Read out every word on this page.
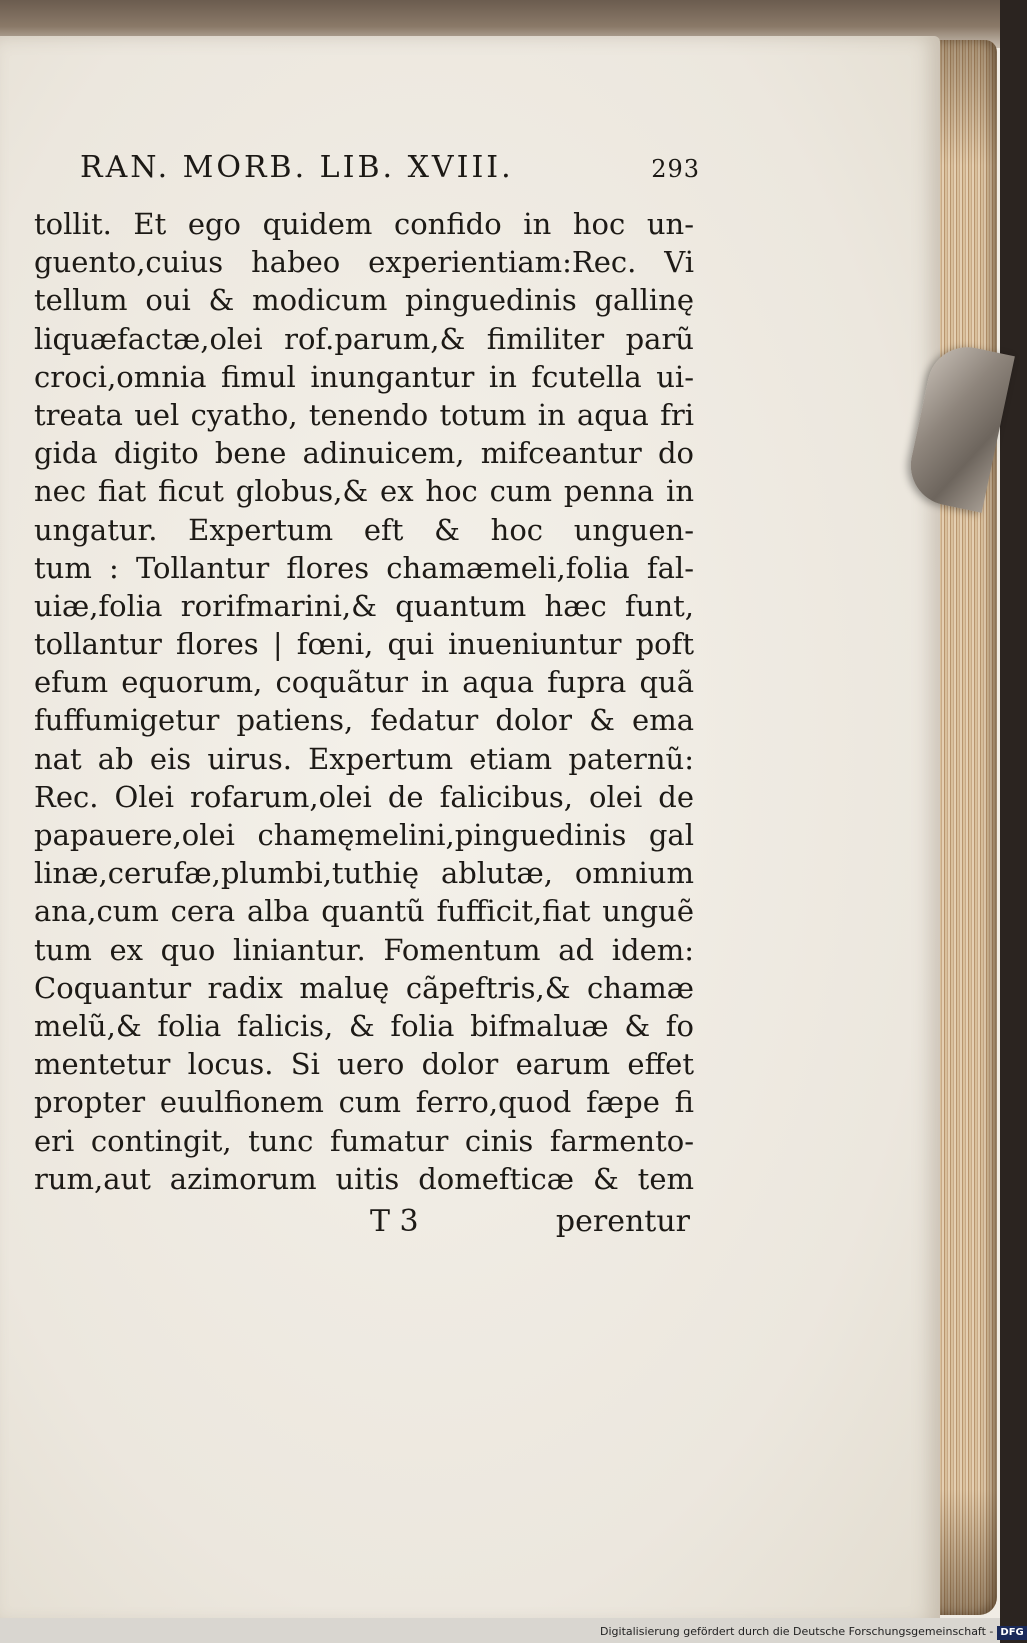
RAN. MORB. LIB. XVIII.	293
tollit. Et ego quidem confido in hoc un-
guento,cuius habeo experientiam:Rec. Vi
tellum oui & modicum pinguedinis gallinę
liquæfactæ,olei rof.parum,& fimiliter parũ
croci,omnia fimul inungantur in fcutella ui-
treata uel cyatho, tenendo totum in aqua fri
gida digito bene adinuicem, mifceantur do
nec fiat ficut globus,& ex hoc cum penna in
ungatur. Expertum eft & hoc unguen-
tum : Tollantur flores chamæmeli,folia fal-
uiæ,folia rorifmarini,& quantum hæc funt,
tollantur flores | fœni, qui inueniuntur poft
efum equorum, coquãtur in aqua fupra quã
fuffumigetur patiens, fedatur dolor & ema
nat ab eis uirus. Expertum etiam paternũ:
Rec. Olei rofarum,olei de falicibus, olei de
papauere,olei chamęmelini,pinguedinis gal
linæ,cerufæ,plumbi,tuthię ablutæ, omnium
ana,cum cera alba quantũ fufficit,fiat unguẽ
tum ex quo liniantur. Fomentum ad idem:
Coquantur radix maluę cãpeftris,& chamæ
melũ,& folia falicis, & folia bifmaluæ & fo
mentetur locus. Si uero dolor earum effet
propter euulfionem cum ferro,quod fæpe fi
eri contingit, tunc fumatur cinis farmento-
rum,aut azimorum uitis domefticæ & tem
T 3	perentur
Digitalisierung gefördert durch die Deutsche Forschungsgemeinschaft - DFG
